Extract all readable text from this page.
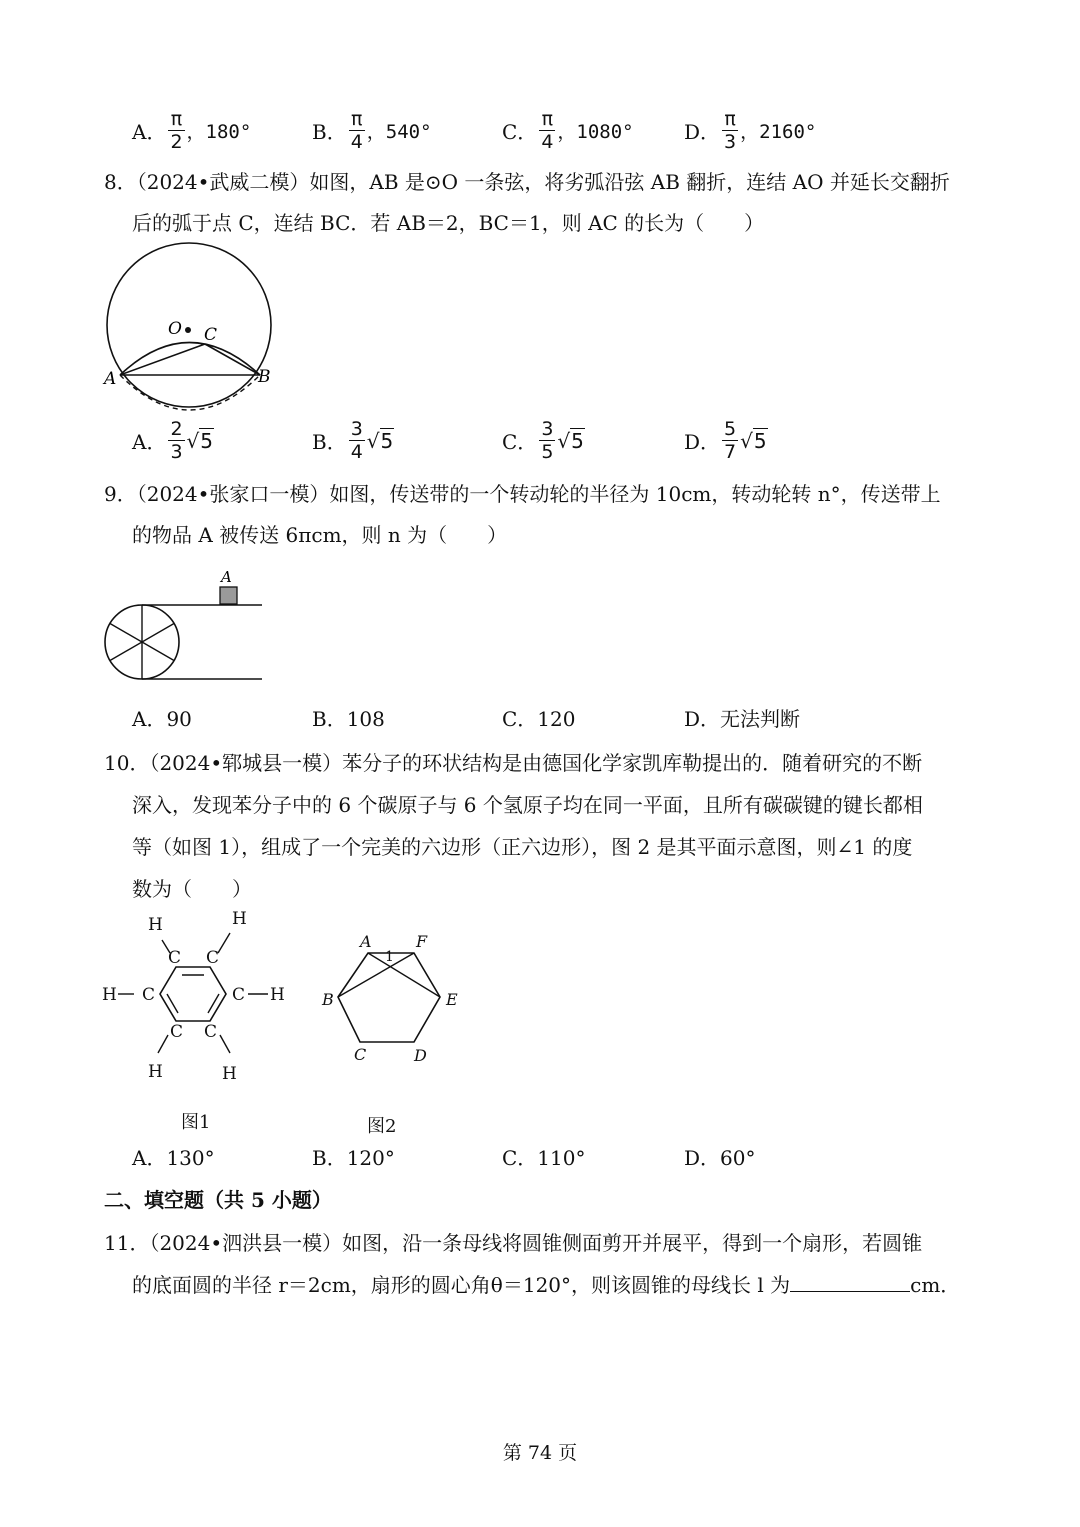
A． $\frac{\pi}{2}$ ，180°	B． $\frac{\pi}{4}$ ，540°	C． $\frac{\pi}{4}$ ，1080°	D． $\frac{\pi}{3}$ ，2160°
8．（2024•武威二模）如图，AB 是⊙O 一条弦，将劣弧沿弦 AB 翻折，连结 AO 并延长交翻折
后的弧于点 C，连结 BC．若 AB＝2，BC＝1，则 AC 的长为（　　）
O C
A	B
A． $\frac{2}{3} √5$	B． $\frac{3}{4} √5$	C． $\frac{3}{5} √5$	D． $\frac{5}{7} √5$
9．（2024•张家口一模）如图，传送带的一个转动轮的半径为 10cm，转动轮转 n°，传送带上
的物品 A 被传送 6πcm，则 n 为（　　）
A
A．90	B．108	C．120	D．无法判断
10．（2024•郓城县一模）苯分子的环状结构是由德国化学家凯库勒提出的．随着研究的不断
深入，发现苯分子中的 6 个碳原子与 6 个氢原子均在同一平面，且所有碳碳键的键长都相
等（如图 1），组成了一个完美的六边形（正六边形），图 2 是其平面示意图，则∠1 的度
数为（　　）
C C
C	C
C C
H	H
H	H
H	H
图1
A	F
B	E
C	D
1
图2
A．130°	B．120°	C．110°	D．60°
二、填空题（共 5 小题）
11．（2024•泗洪县一模）如图，沿一条母线将圆锥侧面剪开并展平，得到一个扇形，若圆锥
的底面圆的半径 r＝2cm，扇形的圆心角θ＝120°，则该圆锥的母线长 l 为	cm．
第 74 页
